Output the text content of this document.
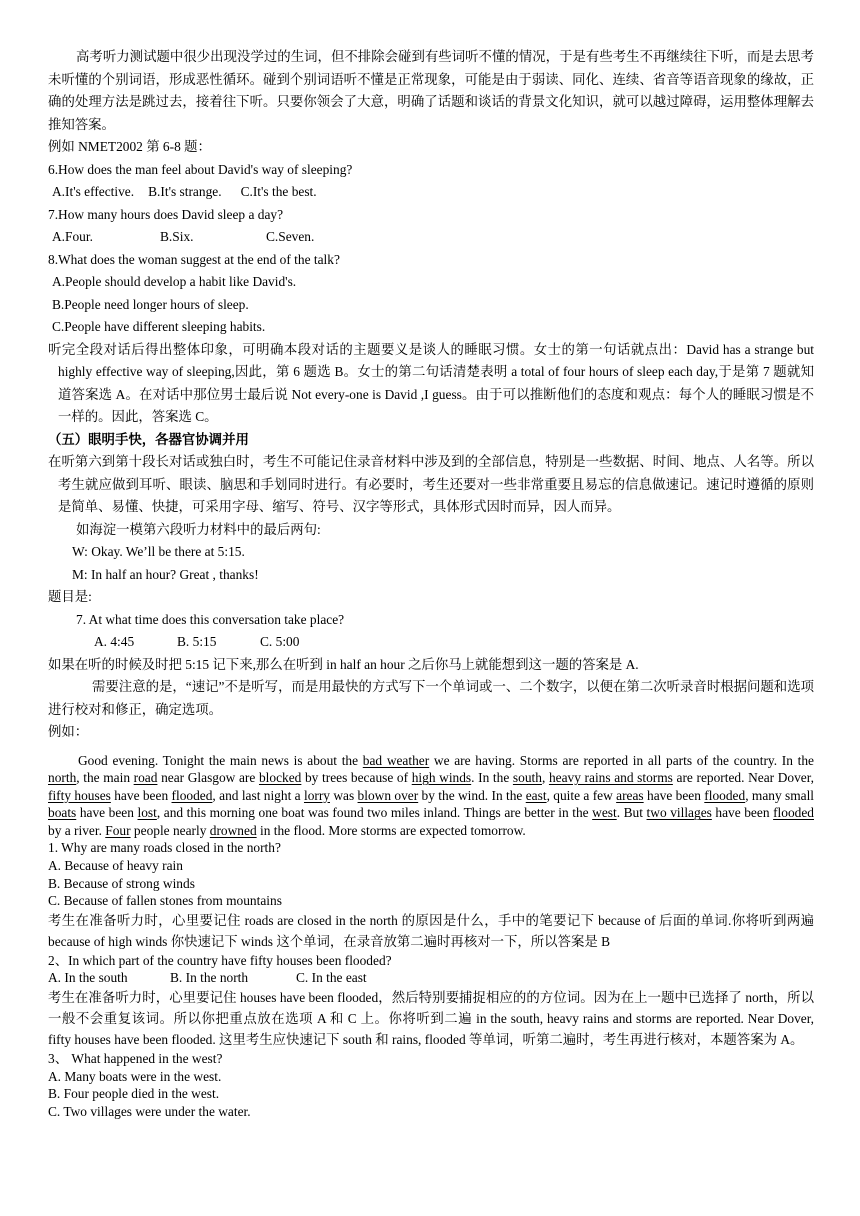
高考听力测试题中很少出现没学过的生词，但不排除会碰到有些词听不懂的情况，于是有些考生不再继续往下听，而是去思考未听懂的个别词语，形成恶性循环。碰到个别词语听不懂是正常现象，可能是由于弱读、同化、连续、省音等语音现象的缘故，正确的处理方法是跳过去，接着往下听。只要你领会了大意，明确了话题和谈话的背景文化知识，就可以越过障碍，运用整体理解去推知答案。

例如 NMET2002 第 6-8 题：

6.How does the man feel about David's way of sleeping?

A.It's effective. B.It's strange. C.It's the best.

7.How many hours does David sleep a day?

A.Four.	B.Six.	C.Seven.

8.What does the woman suggest at the end of the talk?

A.People should develop a habit like David's.

B.People need longer hours of sleep.

C.People have different sleeping habits.

听完全段对话后得出整体印象，可明确本段对话的主题要义是谈人的睡眠习惯。女士的第一句话就点出：David has a strange but highly effective way of sleeping,因此，第 6 题选 B。女士的第二句话清楚表明 a total of four hours of sleep each day,于是第 7 题就知道答案选 A。在对话中那位男士最后说 Not every-one is David ,I guess。由于可以推断他们的态度和观点：每个人的睡眠习惯是不一样的。因此，答案选 C。

（五）眼明手快，各器官协调并用

在听第六到第十段长对话或独白时，考生不可能记住录音材料中涉及到的全部信息，特别是一些数据、时间、地点、人名等。所以考生就应做到耳听、眼读、脑思和手划同时进行。有必要时，考生还要对一些非常重要且易忘的信息做速记。速记时遵循的原则是简单、易懂、快捷，可采用字母、缩写、符号、汉字等形式，具体形式因时而异，因人而异。

如海淀一模第六段听力材料中的最后两句:

W: Okay. We’ll be there at 5:15.

M: In half an hour? Great , thanks!

题目是:

7. At what time does this conversation take place?

A. 4:45	B. 5:15	C. 5:00

如果在听的时候及时把 5:15 记下来,那么在听到 in half an hour 之后你马上就能想到这一题的答案是 A.

需要注意的是，“速记”不是听写，而是用最快的方式写下一个单词或一、二个数字，以便在第二次听录音时根据问题和选项进行校对和修正，确定选项。

例如：

Good evening. Tonight the main news is about the bad weather we are having. Storms are reported in all parts of the country. In the north, the main road near Glasgow are blocked by trees because of high winds. In the south, heavy rains and storms are reported. Near Dover, fifty houses have been flooded, and last night a lorry was blown over by the wind. In the east, quite a few areas have been flooded, many small boats have been lost, and this morning one boat was found two miles inland. Things are better in the west. But two villages have been flooded by a river. Four people nearly drowned in the flood. More storms are expected tomorrow.

1. Why are many roads closed in the north?

A. Because of heavy rain

B. Because of strong winds

C. Because of fallen stones from mountains

考生在准备听力时，心里要记住 roads are closed in the north 的原因是什么，手中的笔要记下 because of 后面的单词.你将听到两遍 because of high winds 你快速记下 winds 这个单词，在录音放第二遍时再核对一下，所以答案是 B

2、In which part of the country have fifty houses been flooded?

A. In the south	B. In the north	C. In the east

考生在准备听力时，心里要记住 houses have been flooded，然后特别要捕捉相应的的方位词。因为在上一题中已选择了 north，所以一般不会重复该词。所以你把重点放在选项 A 和 C 上。你将听到二遍 in the south, heavy rains and storms are reported. Near Dover, fifty houses have been flooded. 这里考生应快速记下 south 和 rains, flooded 等单词，听第二遍时，考生再进行核对，本题答案为 A。

3、 What happened in the west?

A. Many boats were in the west.

B. Four people died in the west.

C. Two villages were under the water.
